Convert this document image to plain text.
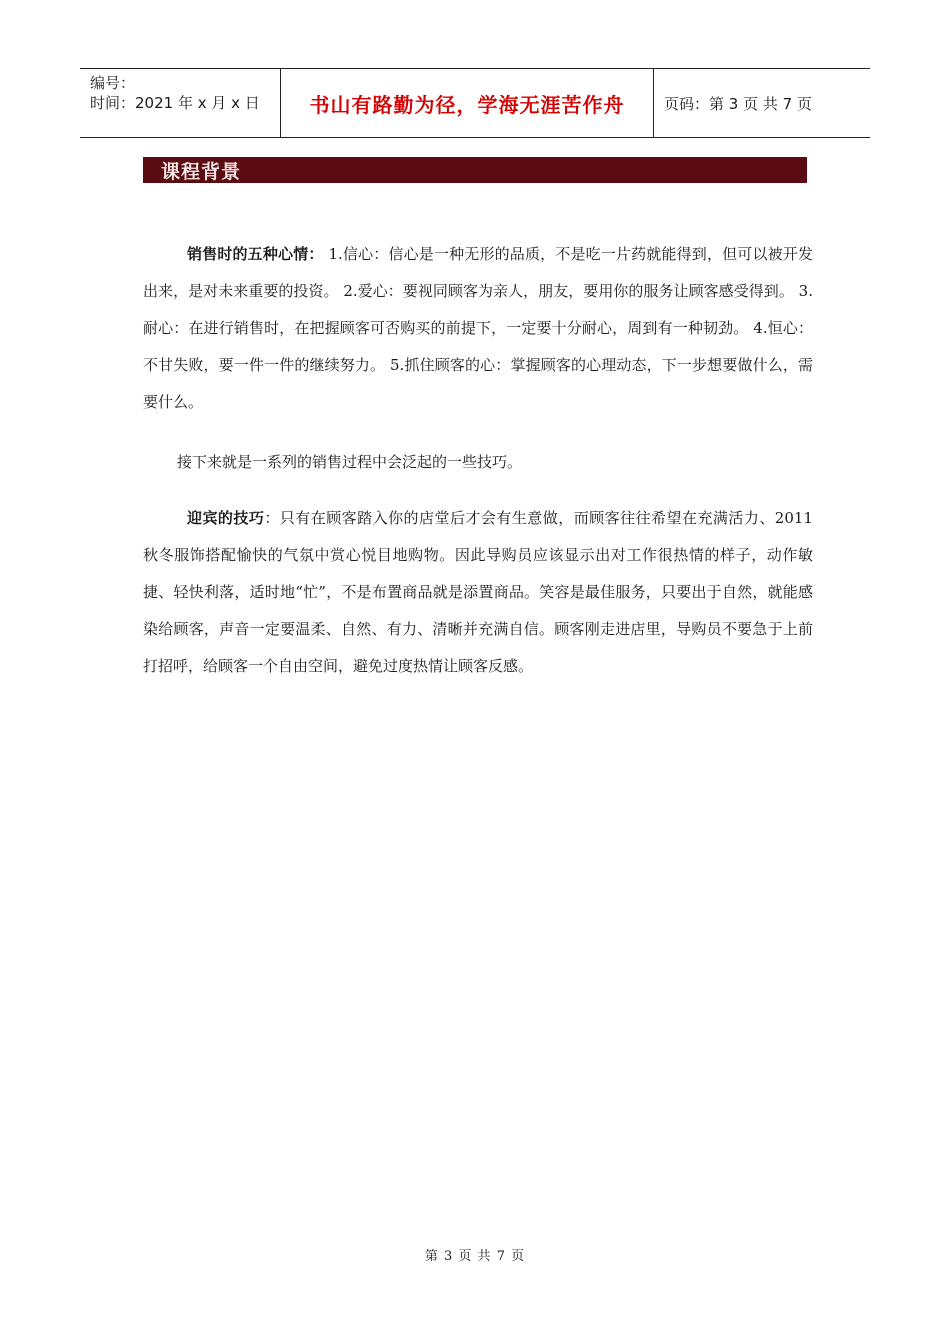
编号：
时间：2021 年 x 月 x 日	书山有路勤为径，学海无涯苦作舟	页码：第 3 页 共 7 页
课程背景

销售时的五种心情： 1.信心：信心是一种无形的品质，不是吃一片药就能得到，但可以被开发出来，是对未来重要的投资。 2.爱心：要视同顾客为亲人，朋友，要用你的服务让顾客感受得到。 3.耐心：在进行销售时，在把握顾客可否购买的前提下，一定要十分耐心，周到有一种韧劲。 4.恒心：不甘失败，要一件一件的继续努力。 5.抓住顾客的心：掌握顾客的心理动态，下一步想要做什么，需要什么。

接下来就是一系列的销售过程中会泛起的一些技巧。

迎宾的技巧：只有在顾客踏入你的店堂后才会有生意做，而顾客往往希望在充满活力、2011 秋冬服饰搭配愉快的气氛中赏心悦目地购物。因此导购员应该显示出对工作很热情的样子，动作敏捷、轻快利落，适时地“忙”，不是布置商品就是添置商品。笑容是最佳服务，只要出于自然，就能感染给顾客，声音一定要温柔、自然、有力、清晰并充满自信。顾客刚走进店里，导购员不要急于上前打招呼，给顾客一个自由空间，避免过度热情让顾客反感。

第 3 页 共 7 页
